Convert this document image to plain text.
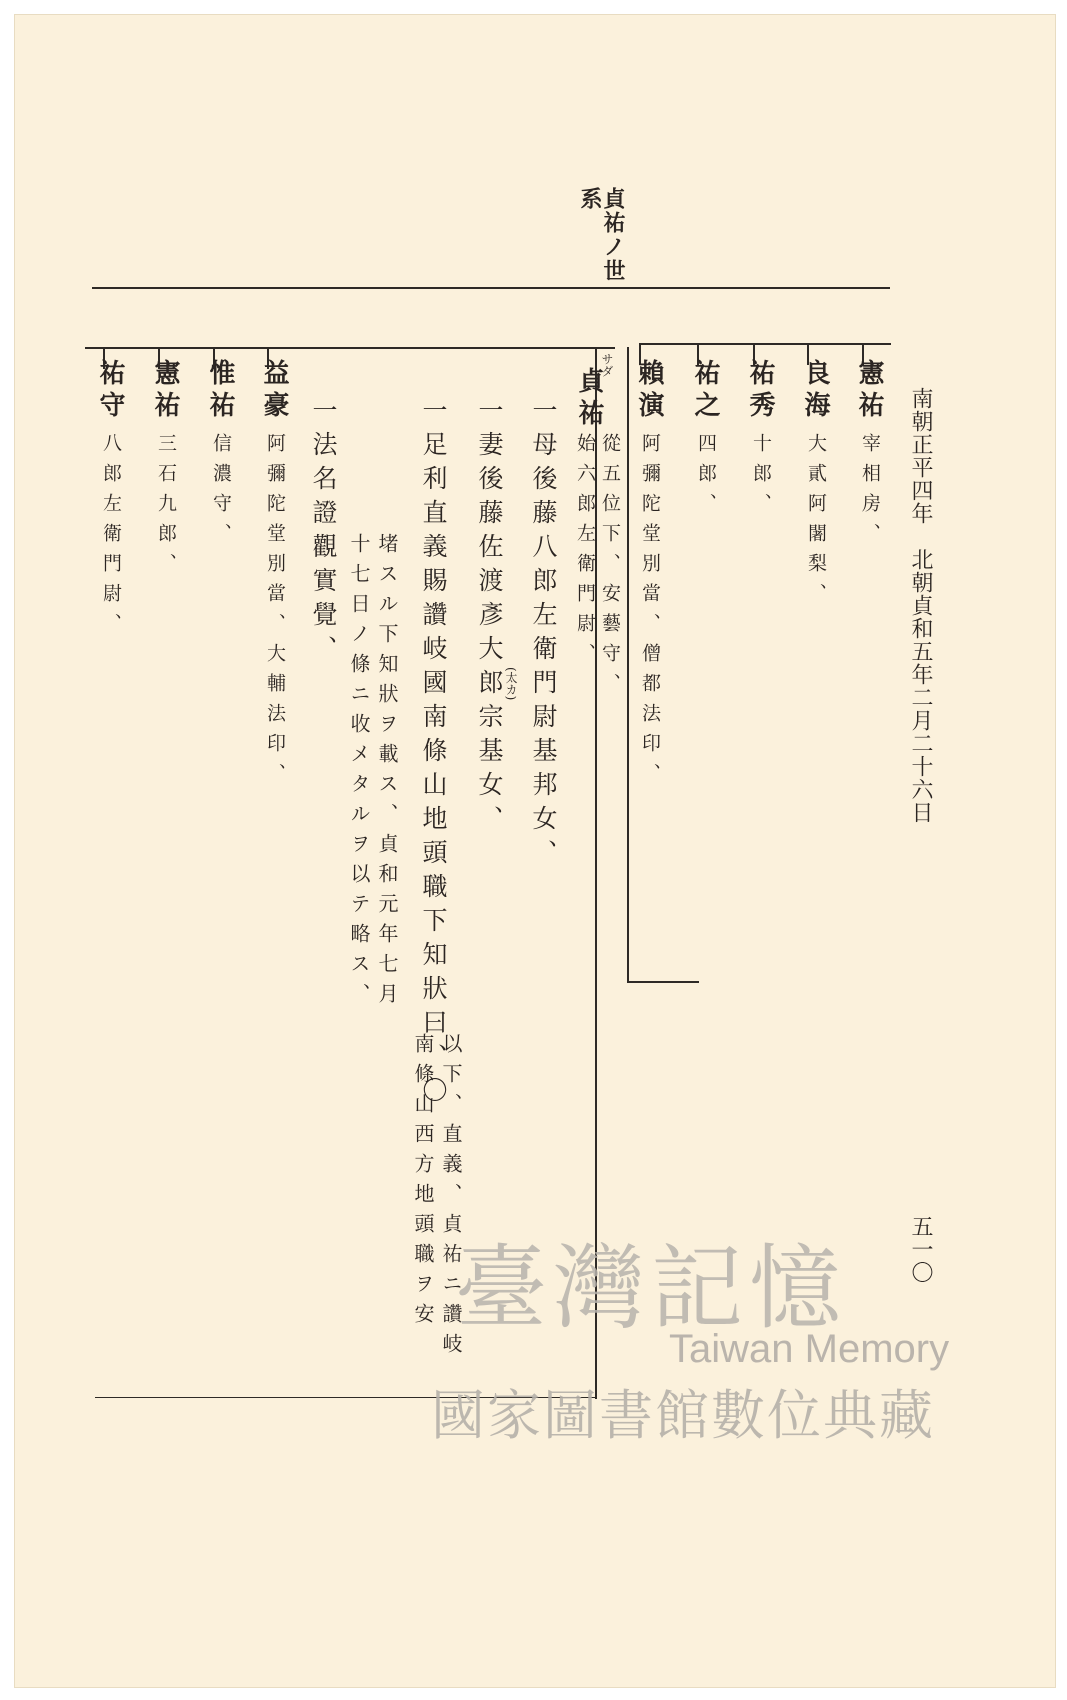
南朝正平四年　北朝貞和五年二月二十六日
五一〇
貞祐ノ世
系
憲祐
宰相房、
良海
大貳阿闍梨、
祐秀
十郎、
祐之
四郎、
賴演
阿彌陀堂別當、僧都法印、
サダ
貞祐
從五位下、安藝守、
始六郎左衛門尉、
一母後藤八郎左衛門尉基邦女、
一妻後藤佐渡彥大郎宗基女、 (太カ)
一足利直義賜讚岐國南條山地頭職下知狀曰、〇
以下、直義、貞祐ニ讚岐
南條山西方地頭職ヲ安
堵スル下知狀ヲ載ス、貞和元年七月
十七日ノ條ニ收メタルヲ以テ略ス、
一法名證觀實覺、
益豪
阿彌陀堂別當、大輔法印、
惟祐
信濃守、
憲祐
三石九郎、
祐守
八郎左衛門尉、
臺灣記憶
Taiwan Memory
國家圖書館數位典藏
